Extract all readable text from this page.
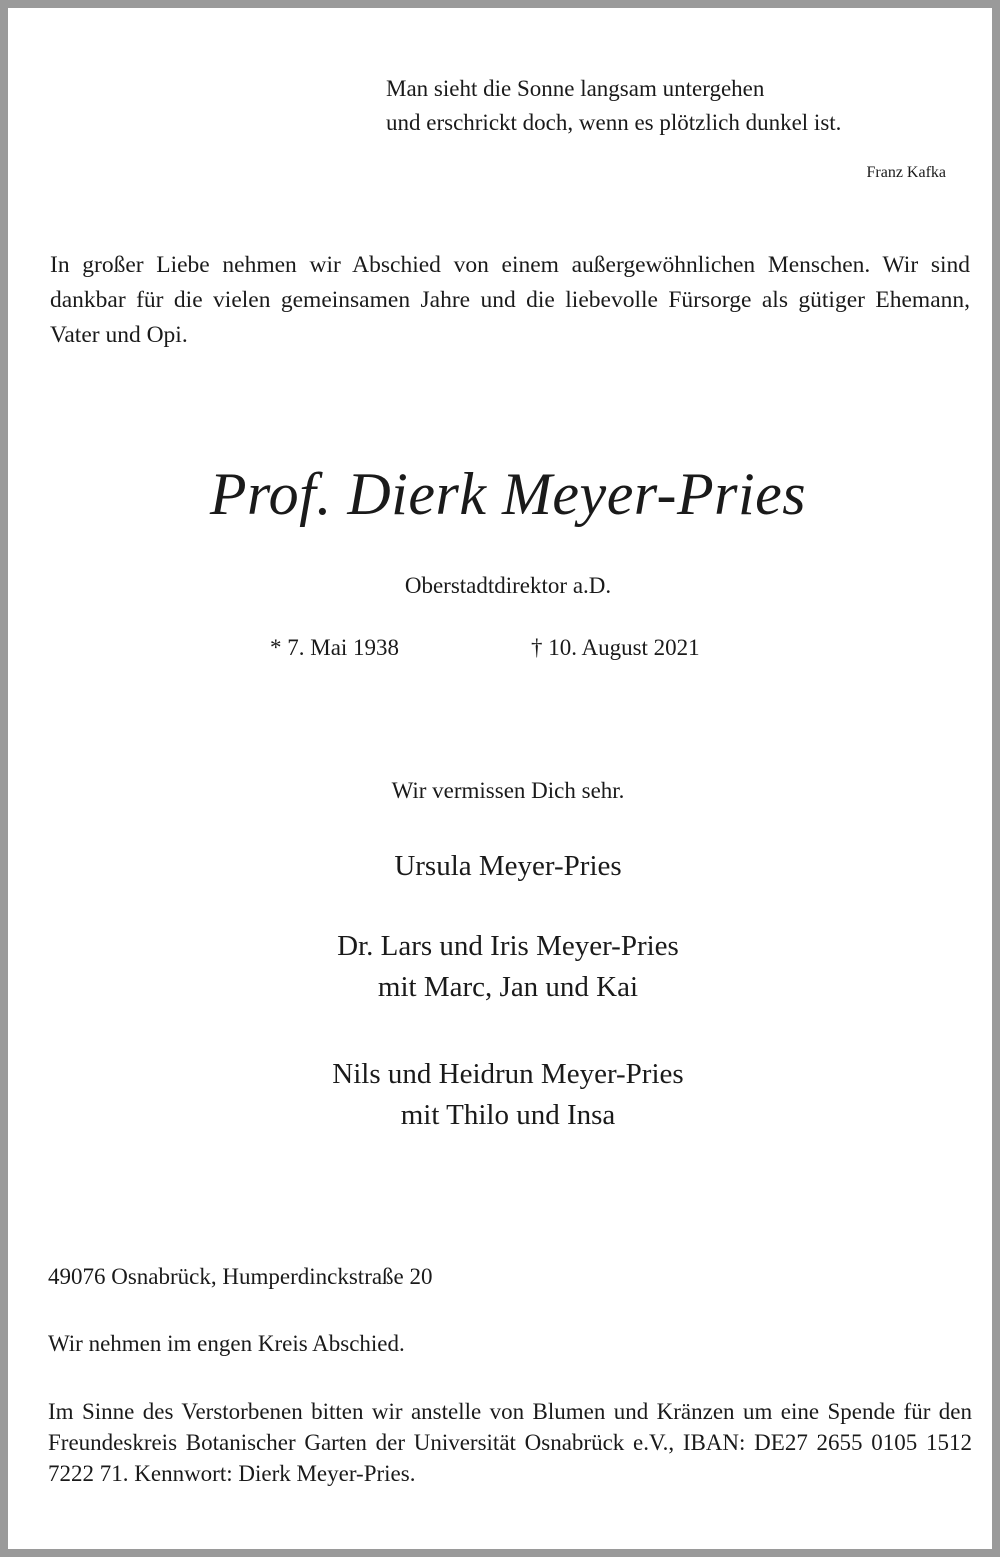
Man sieht die Sonne langsam untergehen
und erschrickt doch, wenn es plötzlich dunkel ist.
Franz Kafka

In großer Liebe nehmen wir Abschied von einem außergewöhnlichen Menschen. Wir sind dankbar für die vielen gemeinsamen Jahre und die liebevolle Fürsorge als gütiger Ehemann, Vater und Opi.

Prof. Dierk Meyer-Pries
Oberstadtdirektor a.D.
* 7. Mai 1938	† 10. August 2021
Wir vermissen Dich sehr.
Ursula Meyer-Pries
Dr. Lars und Iris Meyer-Pries
mit Marc, Jan und Kai
Nils und Heidrun Meyer-Pries
mit Thilo und Insa
49076 Osnabrück, Humperdinckstraße 20
Wir nehmen im engen Kreis Abschied.

Im Sinne des Verstorbenen bitten wir anstelle von Blumen und Kränzen um eine Spende für den Freundeskreis Botanischer Garten der Universität Osnabrück e.V., IBAN: DE27 2655 0105 1512 7222 71. Kennwort: Dierk Meyer-Pries.
